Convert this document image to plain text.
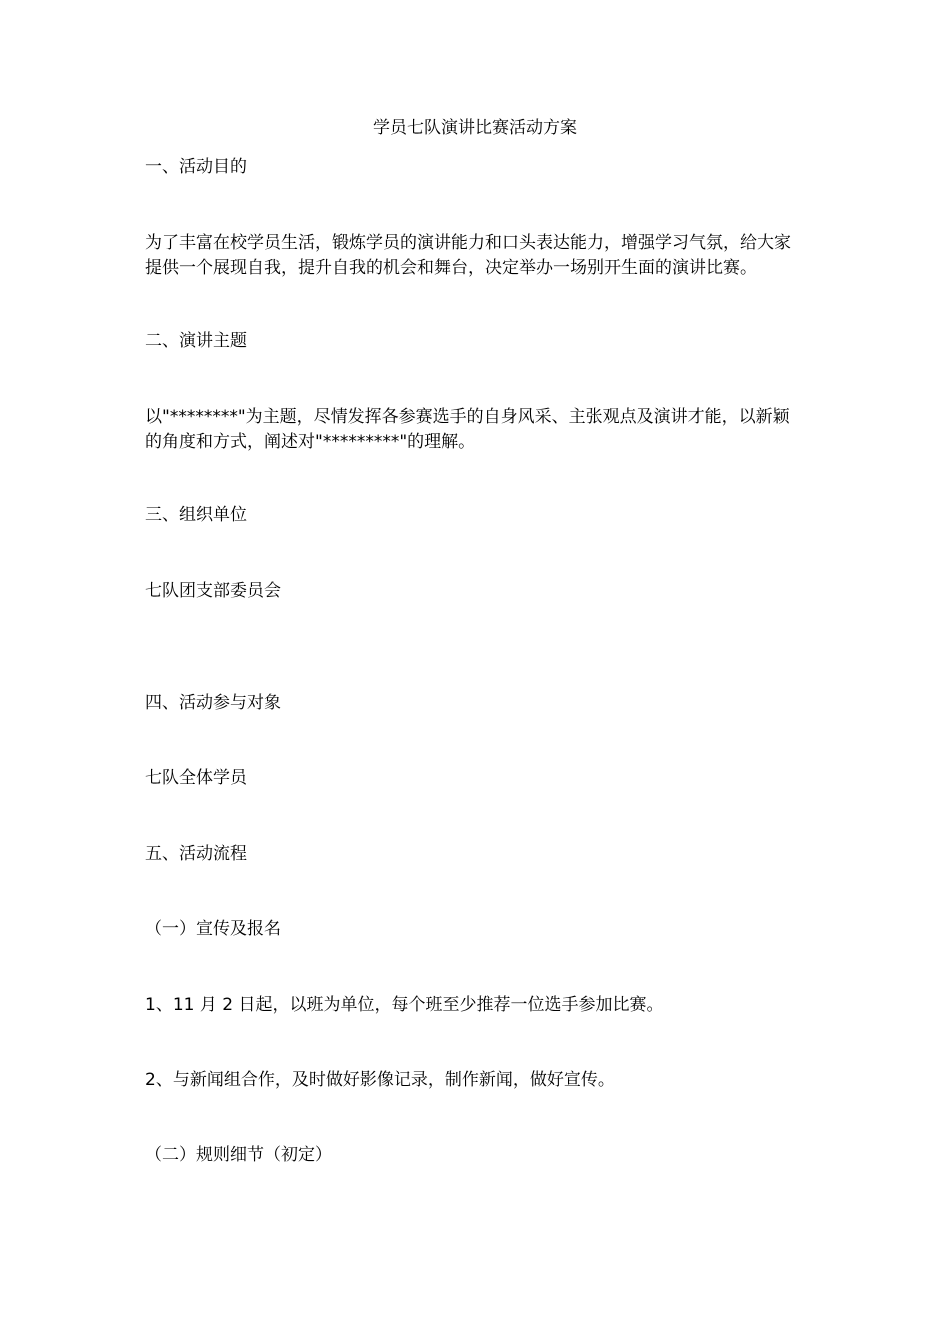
学员七队演讲比赛活动方案
一、活动目的
为了丰富在校学员生活，锻炼学员的演讲能力和口头表达能力，增强学习气氛，给大家提供一个展现自我，提升自我的机会和舞台，决定举办一场别开生面的演讲比赛。
二、演讲主题
以"********"为主题，尽情发挥各参赛选手的自身风采、主张观点及演讲才能，以新颖的角度和方式，阐述对"*********"的理解。
三、组织单位
七队团支部委员会
四、活动参与对象
七队全体学员
五、活动流程
（一）宣传及报名
1、11 月 2 日起，以班为单位，每个班至少推荐一位选手参加比赛。
2、与新闻组合作，及时做好影像记录，制作新闻，做好宣传。
（二）规则细节（初定）
